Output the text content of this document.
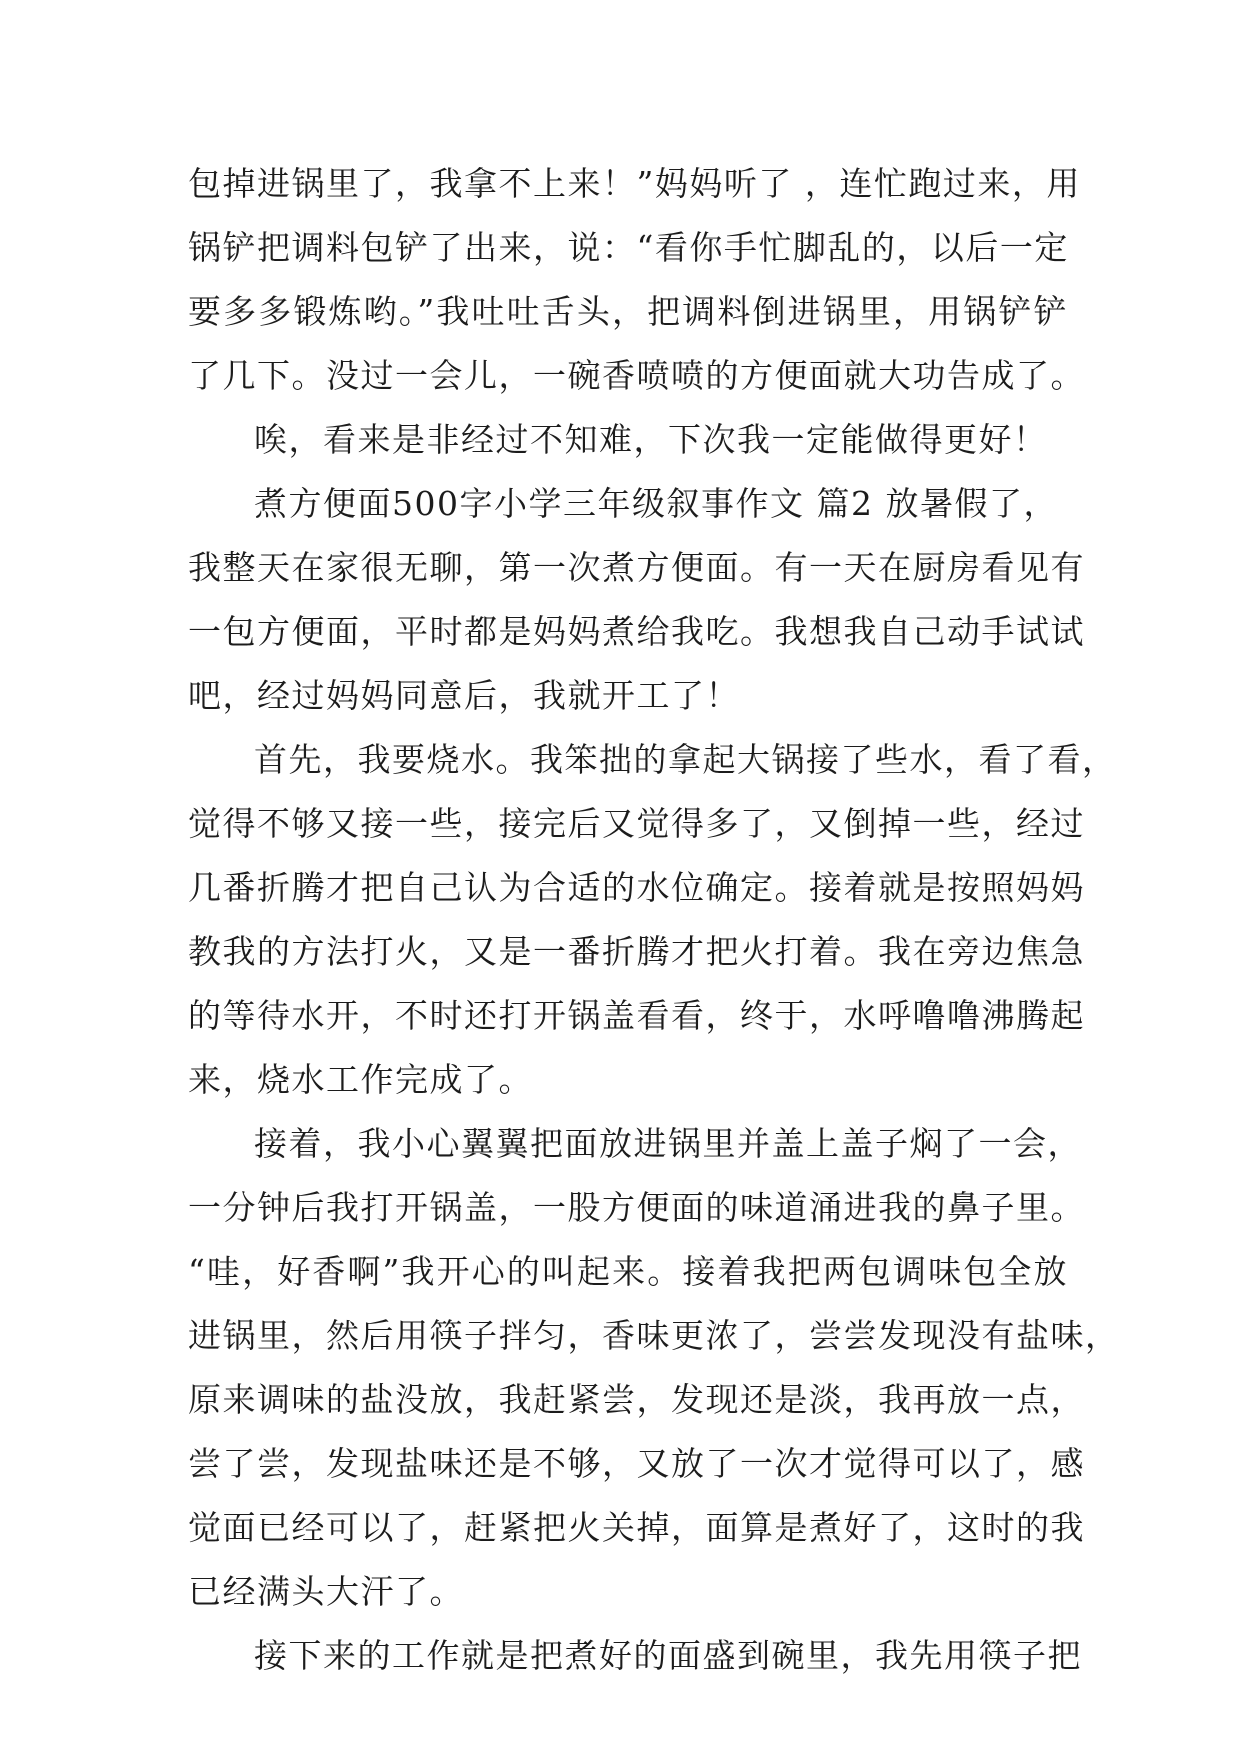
包掉进锅里了，我拿不上来！”妈妈听了 ，连忙跑过来，用
锅铲把调料包铲了出来，说：“看你手忙脚乱的，以后一定
要多多锻炼哟。”我吐吐舌头，把调料倒进锅里，用锅铲铲
了几下。没过一会儿，一碗香喷喷的方便面就大功告成了。
唉，看来是非经过不知难，下次我一定能做得更好！
煮方便面500字小学三年级叙事作文 篇2 放暑假了，
我整天在家很无聊，第一次煮方便面。有一天在厨房看见有
一包方便面，平时都是妈妈煮给我吃。我想我自己动手试试
吧，经过妈妈同意后，我就开工了！
首先，我要烧水。我笨拙的拿起大锅接了些水，看了看，
觉得不够又接一些，接完后又觉得多了，又倒掉一些，经过
几番折腾才把自己认为合适的水位确定。接着就是按照妈妈
教我的方法打火，又是一番折腾才把火打着。我在旁边焦急
的等待水开，不时还打开锅盖看看，终于，水呼噜噜沸腾起
来，烧水工作完成了。
接着，我小心翼翼把面放进锅里并盖上盖子焖了一会，
一分钟后我打开锅盖，一股方便面的味道涌进我的鼻子里。
“哇，好香啊”我开心的叫起来。接着我把两包调味包全放
进锅里，然后用筷子拌匀，香味更浓了，尝尝发现没有盐味，
原来调味的盐没放，我赶紧尝，发现还是淡，我再放一点，
尝了尝，发现盐味还是不够，又放了一次才觉得可以了，感
觉面已经可以了，赶紧把火关掉，面算是煮好了，这时的我
已经满头大汗了。
接下来的工作就是把煮好的面盛到碗里，我先用筷子把
